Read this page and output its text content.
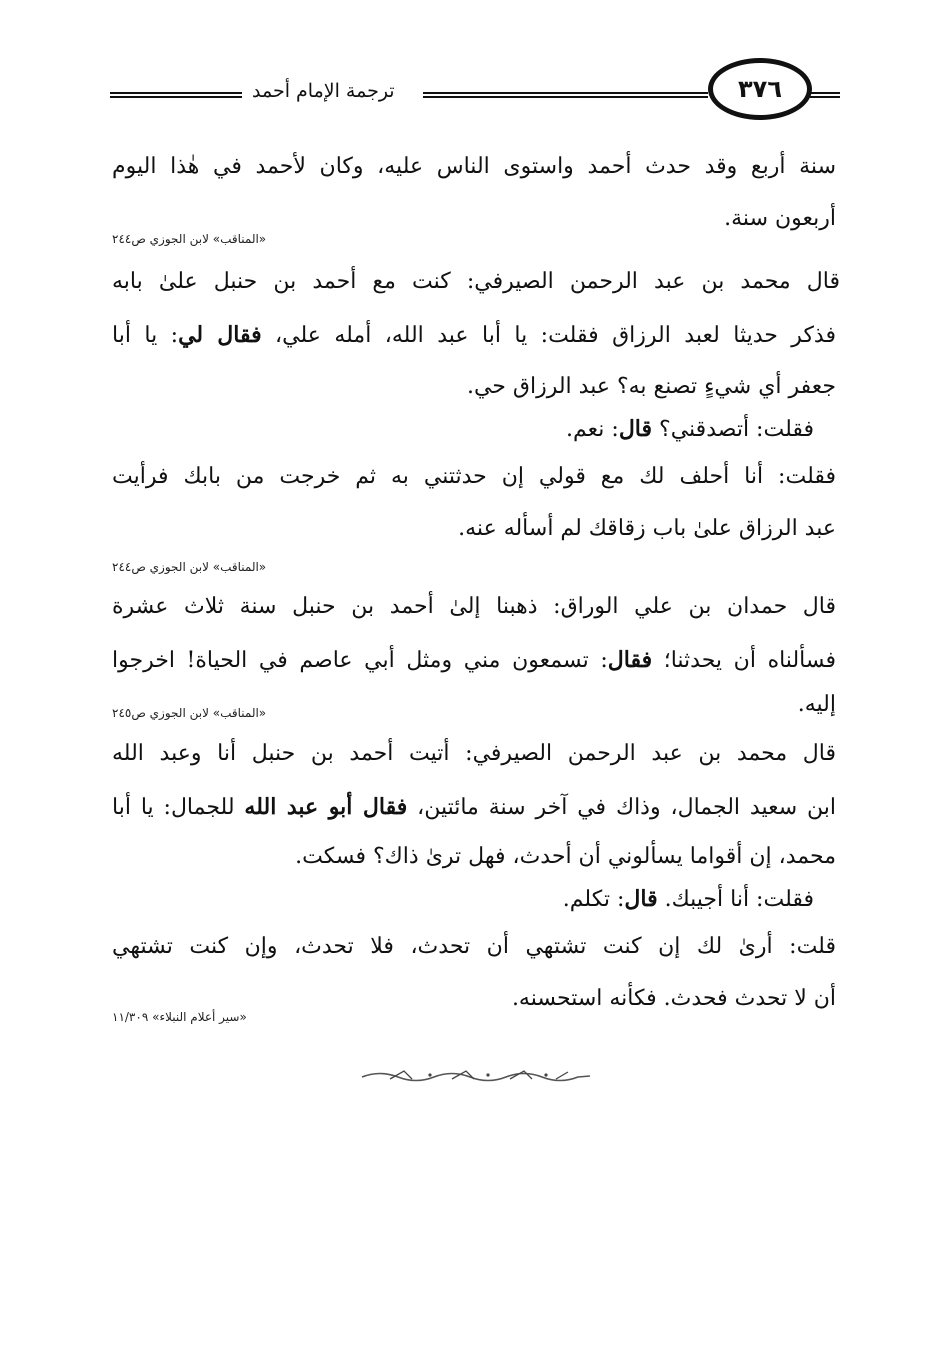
ترجمة الإمام أحمد	٣٧٦
سنة أربع وقد حدث أحمد واستوى الناس عليه، وكان لأحمد في هٰذا اليوم
أربعون سنة.
«المناقب» لابن الجوزي ص٢٤٤
قال محمد بن عبد الرحمن الصيرفي: كنت مع أحمد بن حنبل علىٰ بابه
فذكر حديثا لعبد الرزاق فقلت: يا أبا عبد الله، أمله علي، فقال لي: يا أبا
جعفر أي شيءٍ تصنع به؟ عبد الرزاق حي.
فقلت: أتصدقني؟ قال: نعم.
فقلت: أنا أحلف لك مع قولي إن حدثتني به ثم خرجت من بابك فرأيت
عبد الرزاق علىٰ باب زقاقك لم أسأله عنه.
«المناقب» لابن الجوزي ص٢٤٤
قال حمدان بن علي الوراق: ذهبنا إلىٰ أحمد بن حنبل سنة ثلاث عشرة
فسألناه أن يحدثنا؛ فقال: تسمعون مني ومثل أبي عاصم في الحياة! اخرجوا
إليه.
«المناقب» لابن الجوزي ص٢٤٥
قال محمد بن عبد الرحمن الصيرفي: أتيت أحمد بن حنبل أنا وعبد الله
ابن سعيد الجمال، وذاك في آخر سنة مائتين، فقال أبو عبد الله للجمال: يا أبا
محمد، إن أقواما يسألوني أن أحدث، فهل ترىٰ ذاك؟ فسكت.
فقلت: أنا أجيبك. قال: تكلم.
قلت: أرىٰ لك إن كنت تشتهي أن تحدث، فلا تحدث، وإن كنت تشتهي
أن لا تحدث فحدث. فكأنه استحسنه.
«سير أعلام النبلاء» ١١/٣٠٩
